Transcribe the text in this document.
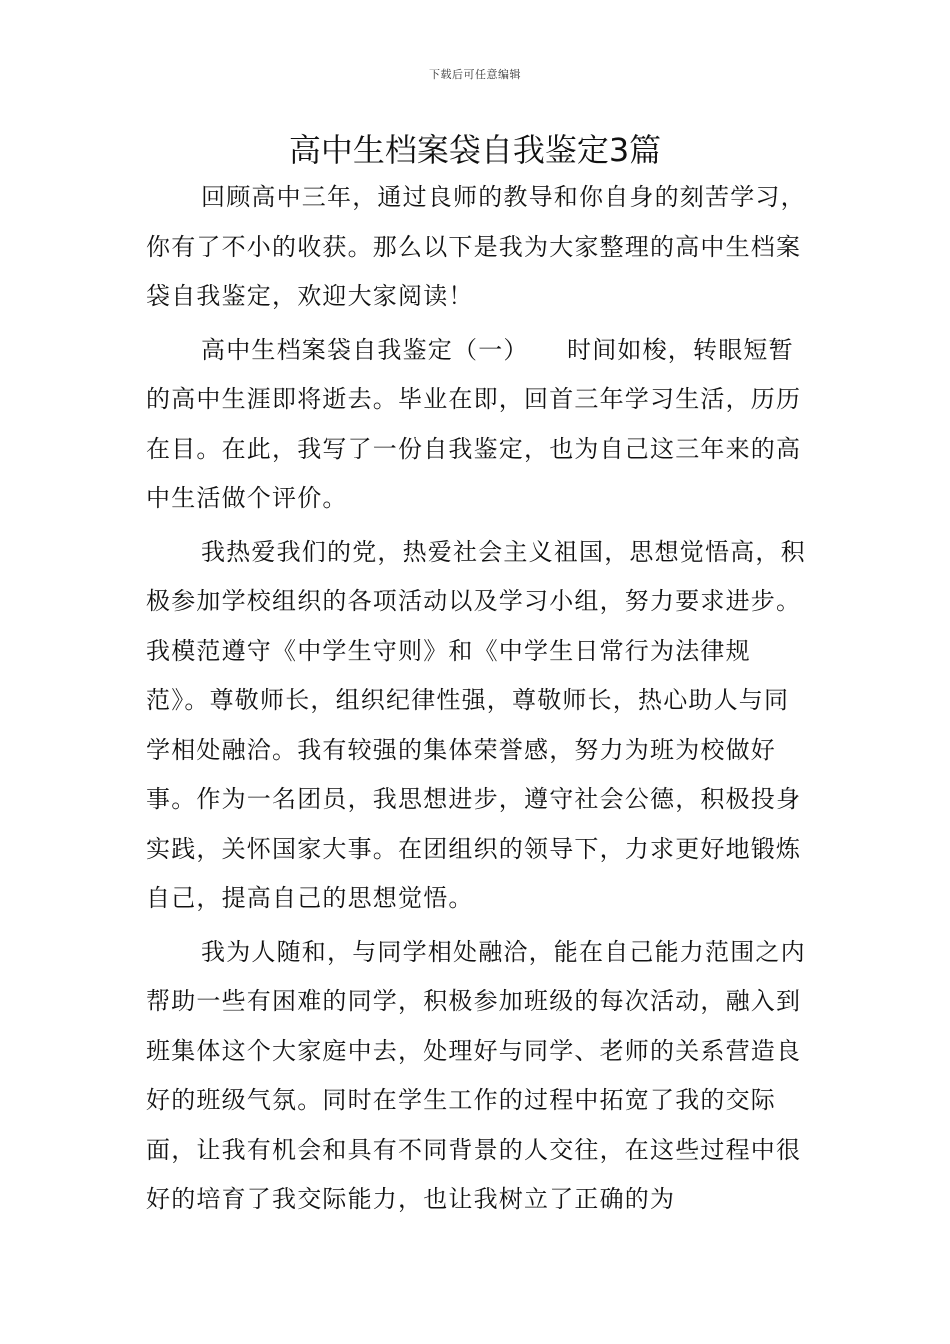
下载后可任意编辑
高中生档案袋自我鉴定3篇

回顾高中三年，通过良师的教导和你自身的刻苦学习，你有了不小的收获。那么以下是我为大家整理的高中生档案袋自我鉴定，欢迎大家阅读！

高中生档案袋自我鉴定（一）　　时间如梭，转眼短暂的高中生涯即将逝去。毕业在即，回首三年学习生活，历历在目。在此，我写了一份自我鉴定，也为自己这三年来的高中生活做个评价。

我热爱我们的党，热爱社会主义祖国，思想觉悟高，积极参加学校组织的各项活动以及学习小组，努力要求进步。我模范遵守《中学生守则》和《中学生日常行为法律规范》。尊敬师长，组织纪律性强，尊敬师长，热心助人与同学相处融洽。我有较强的集体荣誉感，努力为班为校做好事。作为一名团员，我思想进步，遵守社会公德，积极投身实践，关怀国家大事。在团组织的领导下，力求更好地锻炼自己，提高自己的思想觉悟。

我为人随和，与同学相处融洽，能在自己能力范围之内帮助一些有困难的同学，积极参加班级的每次活动，融入到班集体这个大家庭中去，处理好与同学、老师的关系营造良好的班级气氛。同时在学生工作的过程中拓宽了我的交际面，让我有机会和具有不同背景的人交往，在这些过程中很好的培育了我交际能力，也让我树立了正确的为
